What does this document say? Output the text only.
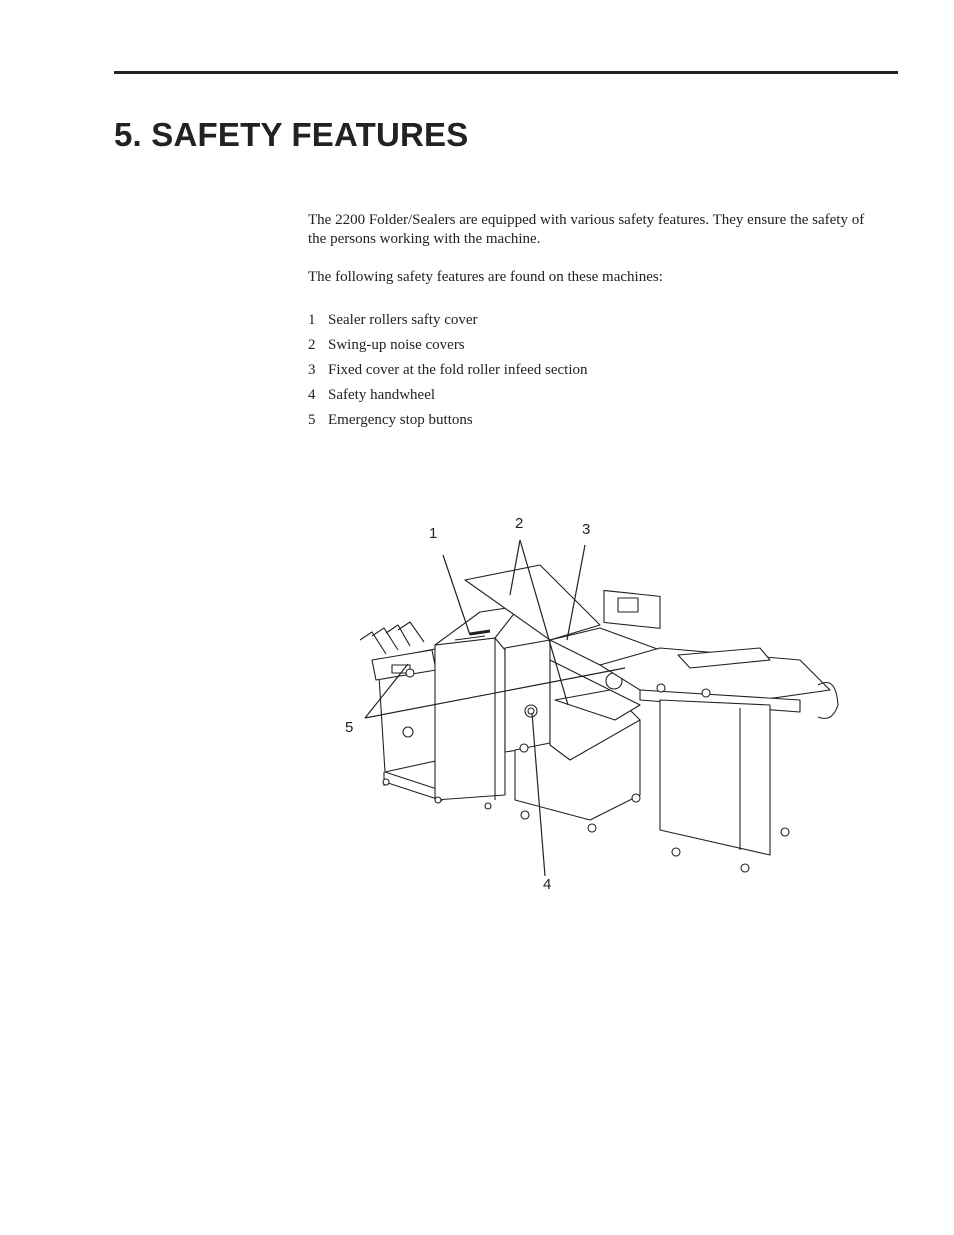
5. SAFETY FEATURES

The 2200 Folder/Sealers are equipped with various safety features. They ensure the safety of the persons working with the machine.

The following safety features are found on these machines:

1 Sealer rollers safty cover
2 Swing-up noise covers
3 Fixed cover at the fold roller infeed section
4 Safety handwheel
5 Emergency stop buttons
1
2	3
4
5
